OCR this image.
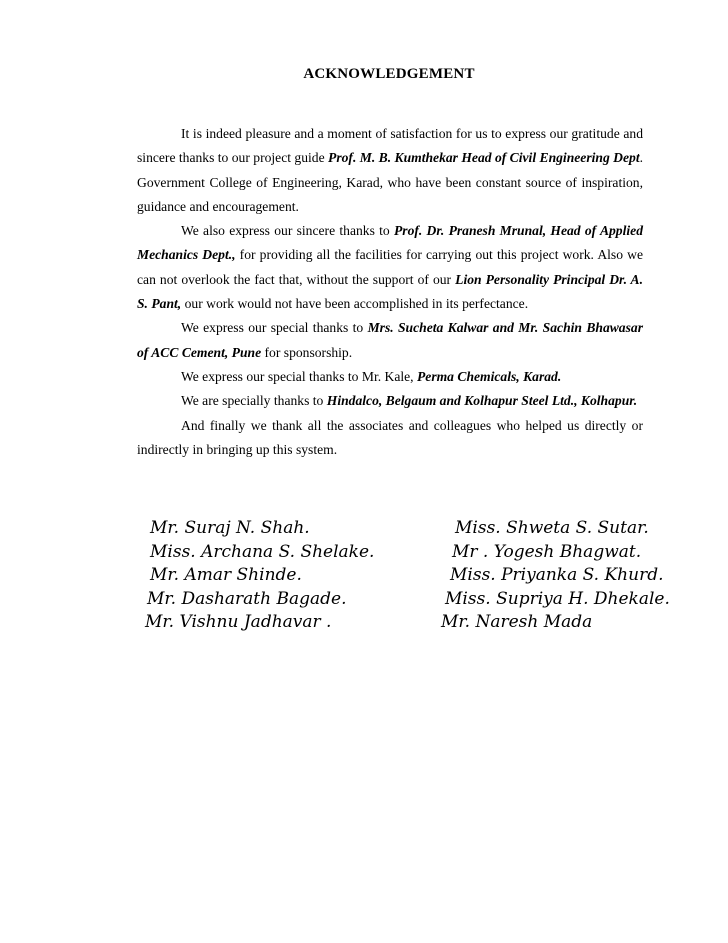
ACKNOWLEDGEMENT

It is indeed pleasure and a moment of satisfaction for us to express our gratitude and sincere thanks to our project guide Prof. M. B. Kumthekar Head of Civil Engineering Dept. Government College of Engineering, Karad, who have been constant source of inspiration, guidance and encouragement.

We also express our sincere thanks to Prof. Dr. Pranesh Mrunal, Head of Applied Mechanics Dept., for providing all the facilities for carrying out this project work. Also we can not overlook the fact that, without the support of our Lion Personality Principal Dr. A. S. Pant, our work would not have been accomplished in its perfectance.

We express our special thanks to Mrs. Sucheta Kalwar and Mr. Sachin Bhawasar of ACC Cement, Pune for sponsorship.

We express our special thanks to Mr. Kale, Perma Chemicals, Karad.

We are specially thanks to Hindalco, Belgaum and Kolhapur Steel Ltd., Kolhapur.

And finally we thank all the associates and colleagues who helped us directly or indirectly in bringing up this system.

Mr. Suraj N. Shah.
Miss. Archana S. Shelake.
Mr. Amar Shinde.
Mr. Dasharath Bagade.
Mr. Vishnu Jadhavar .
Miss. Shweta S. Sutar.
Mr . Yogesh Bhagwat.
Miss. Priyanka S. Khurd.
Miss. Supriya H. Dhekale.
Mr. Naresh Mada
